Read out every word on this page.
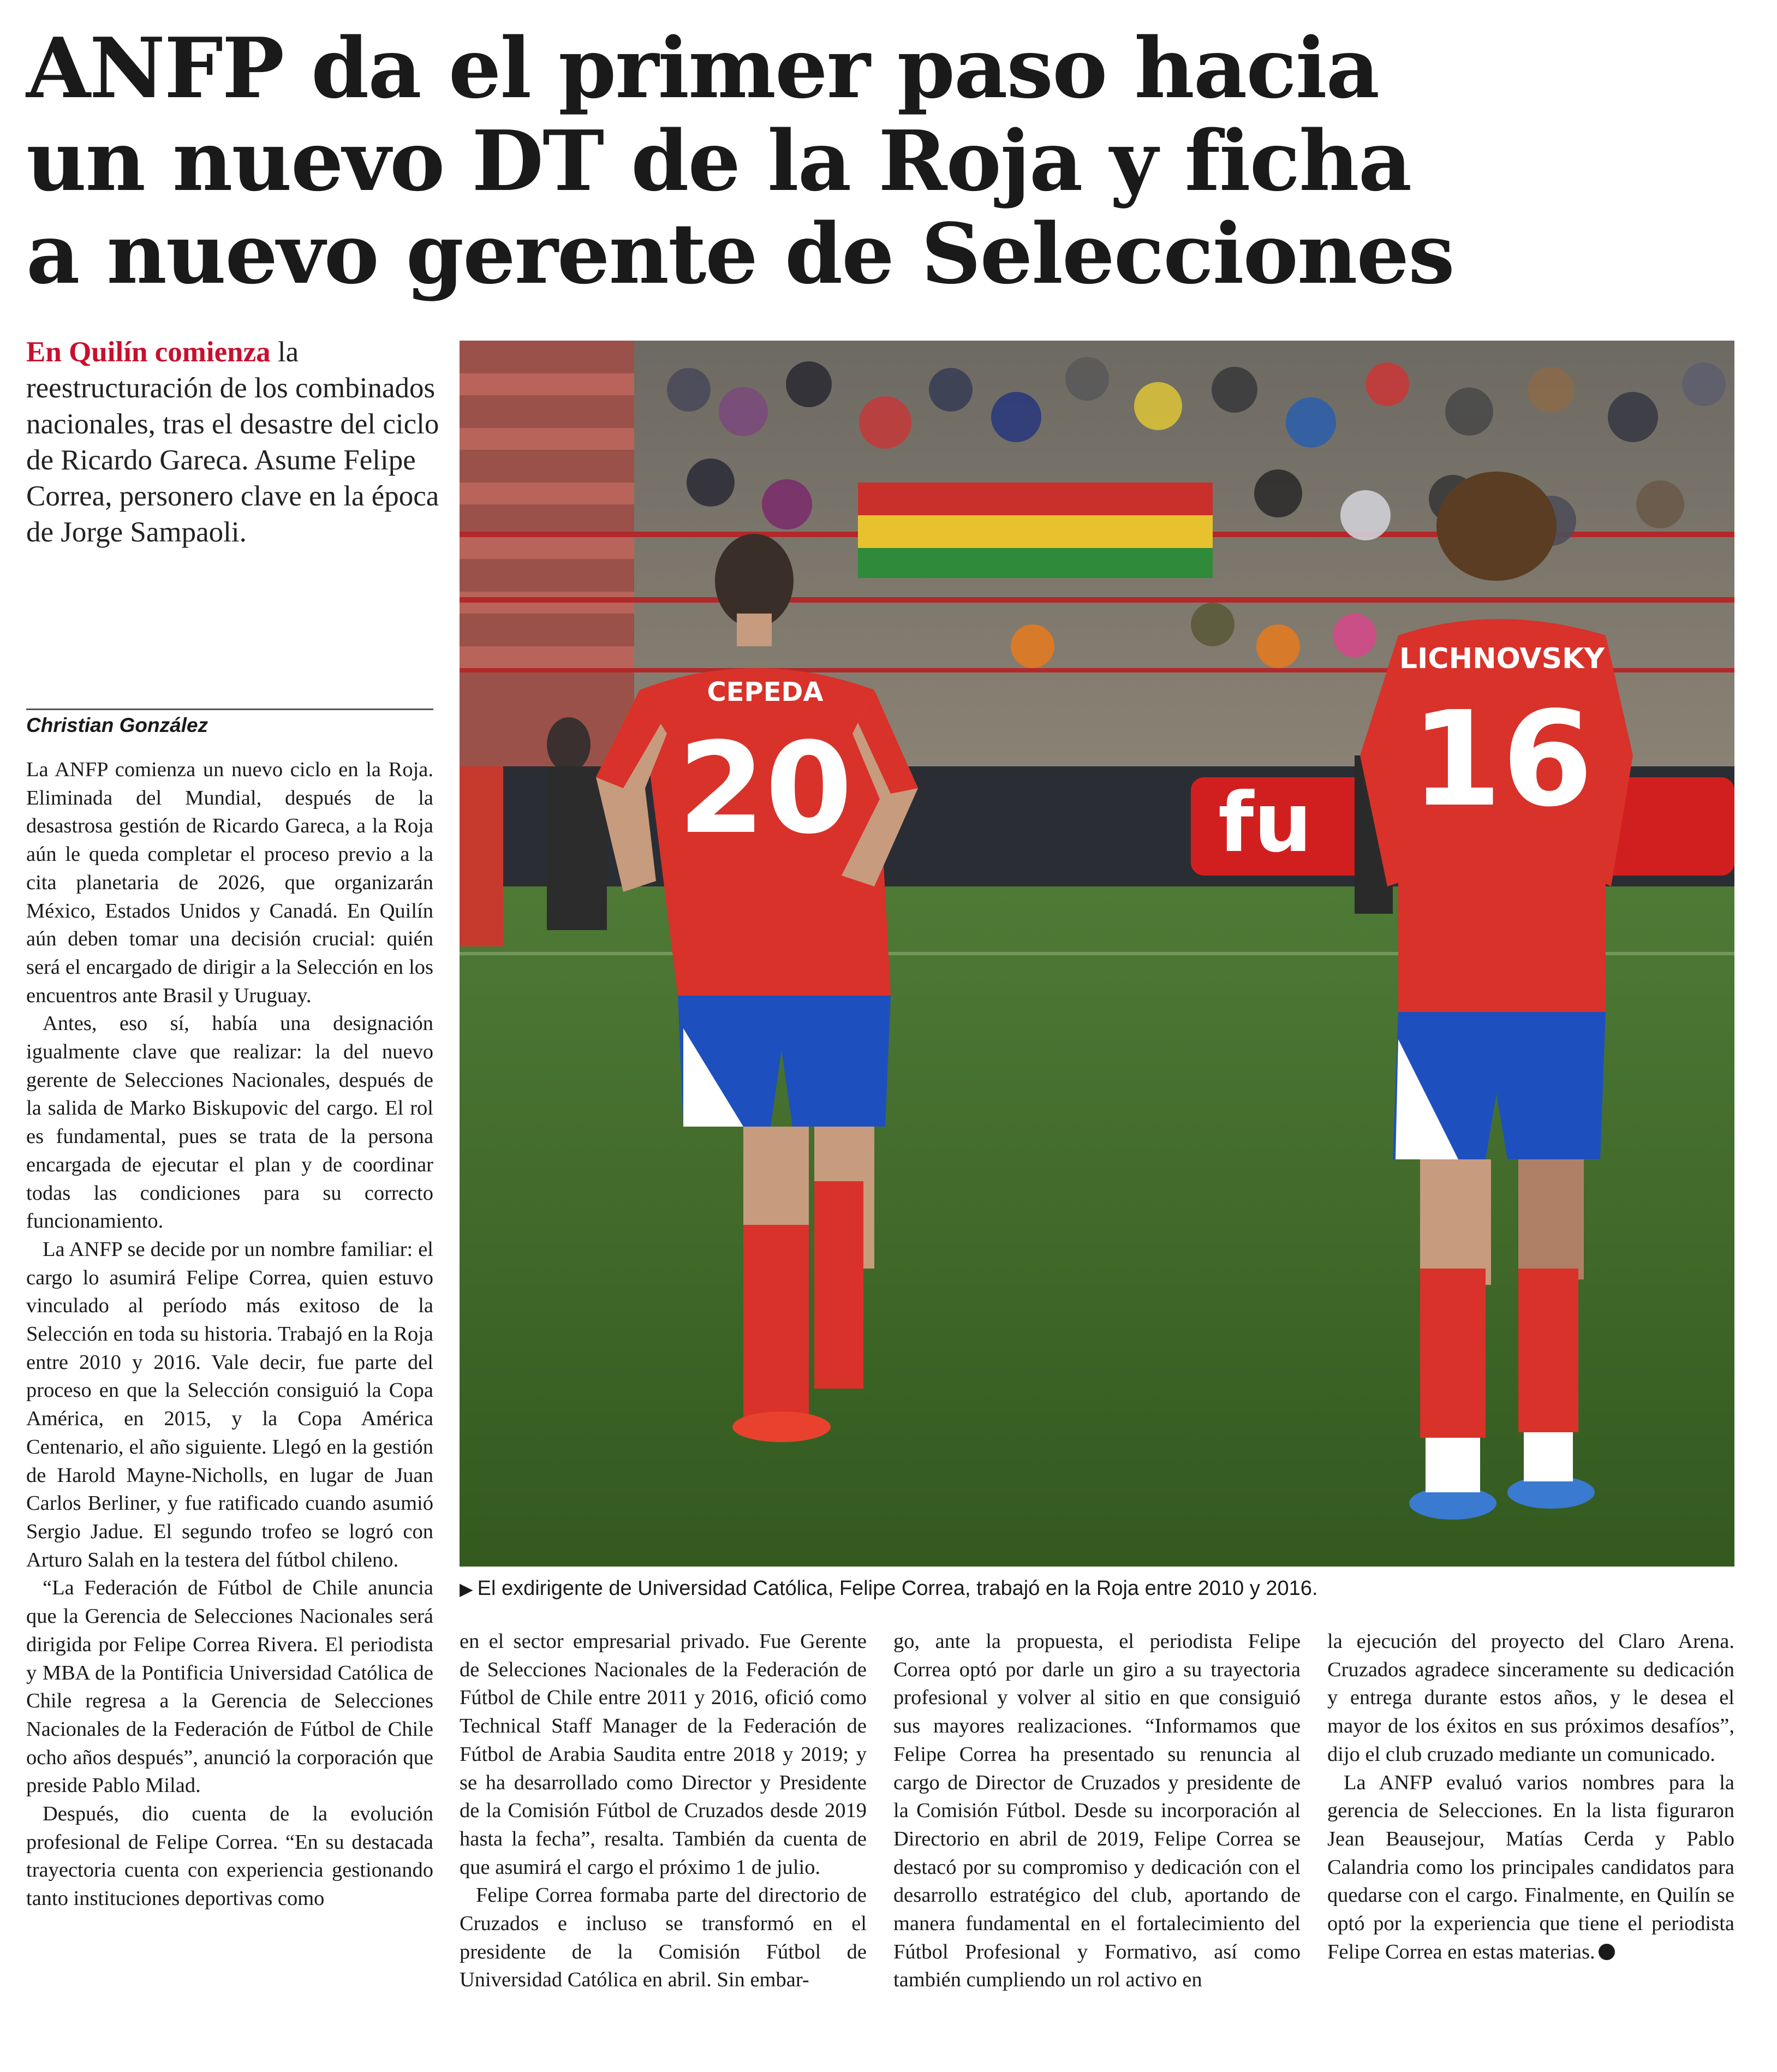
ANFP da el primer paso hacia
un nuevo DT de la Roja y ficha
a nuevo gerente de Selecciones
En Quilín comienza la reestructuración de los combinados nacionales, tras el desastre del ciclo de Ricardo Gareca. Asume Felipe Correa, personero clave en la época de Jorge Sampaoli.
Christian González

La ANFP comienza un nuevo ciclo en la Roja. Eliminada del Mundial, después de la desastrosa gestión de Ricardo Gareca, a la Roja aún le queda completar el proceso previo a la cita planetaria de 2026, que organizarán México, Estados Unidos y Canadá. En Quilín aún deben tomar una decisión crucial: quién será el encargado de dirigir a la Selección en los encuentros ante Brasil y Uruguay.

Antes, eso sí, había una designación igualmente clave que realizar: la del nuevo gerente de Selecciones Nacionales, después de la salida de Marko Biskupovic del cargo. El rol es fundamental, pues se trata de la persona encargada de ejecutar el plan y de coordinar todas las condiciones para su correcto funcionamiento.

La ANFP se decide por un nombre familiar: el cargo lo asumirá Felipe Correa, quien estuvo vinculado al período más exitoso de la Selección en toda su historia. Trabajó en la Roja entre 2010 y 2016. Vale decir, fue parte del proceso en que la Selección consiguió la Copa América, en 2015, y la Copa América Centenario, el año siguiente. Llegó en la gestión de Harold Mayne-Nicholls, en lugar de Juan Carlos Berliner, y fue ratificado cuando asumió Sergio Jadue. El segundo trofeo se logró con Arturo Salah en la testera del fútbol chileno.

“La Federación de Fútbol de Chile anuncia que la Gerencia de Selecciones Nacionales será dirigida por Felipe Correa Rivera. El periodista y MBA de la Pontificia Universidad Católica de Chile regresa a la Gerencia de Selecciones Nacionales de la Federación de Fútbol de Chile ocho años después”, anunció la corporación que preside Pablo Milad.

Después, dio cuenta de la evolución profesional de Felipe Correa. “En su destacada trayectoria cuenta con experiencia gestionando tanto instituciones deportivas como

fu
CEPEDA
20
LICHNOVSKY
16
▶ El exdirigente de Universidad Católica, Felipe Correa, trabajó en la Roja entre 2010 y 2016.

en el sector empresarial privado. Fue Gerente de Selecciones Nacionales de la Federación de Fútbol de Chile entre 2011 y 2016, ofició como Technical Staff Manager de la Federación de Fútbol de Arabia Saudita entre 2018 y 2019; y se ha desarrollado como Director y Presidente de la Comisión Fútbol de Cruzados desde 2019 hasta la fecha”, resalta. También da cuenta de que asumirá el cargo el próximo 1 de julio.

Felipe Correa formaba parte del directorio de Cruzados e incluso se transformó en el presidente de la Comisión Fútbol de Universidad Católica en abril. Sin embar-

go, ante la propuesta, el periodista Felipe Correa optó por darle un giro a su trayectoria profesional y volver al sitio en que consiguió sus mayores realizaciones. “Informamos que Felipe Correa ha presentado su renuncia al cargo de Director de Cruzados y presidente de la Comisión Fútbol. Desde su incorporación al Directorio en abril de 2019, Felipe Correa se destacó por su compromiso y dedicación con el desarrollo estratégico del club, aportando de manera fundamental en el fortalecimiento del Fútbol Profesional y Formativo, así como también cumpliendo un rol activo en

la ejecución del proyecto del Claro Arena. Cruzados agradece sinceramente su dedicación y entrega durante estos años, y le desea el mayor de los éxitos en sus próximos desafíos”, dijo el club cruzado mediante un comunicado.

La ANFP evaluó varios nombres para la gerencia de Selecciones. En la lista figuraron Jean Beausejour, Matías Cerda y Pablo Calandria como los principales candidatos para quedarse con el cargo. Finalmente, en Quilín se optó por la experiencia que tiene el periodista Felipe Correa en estas materias.
